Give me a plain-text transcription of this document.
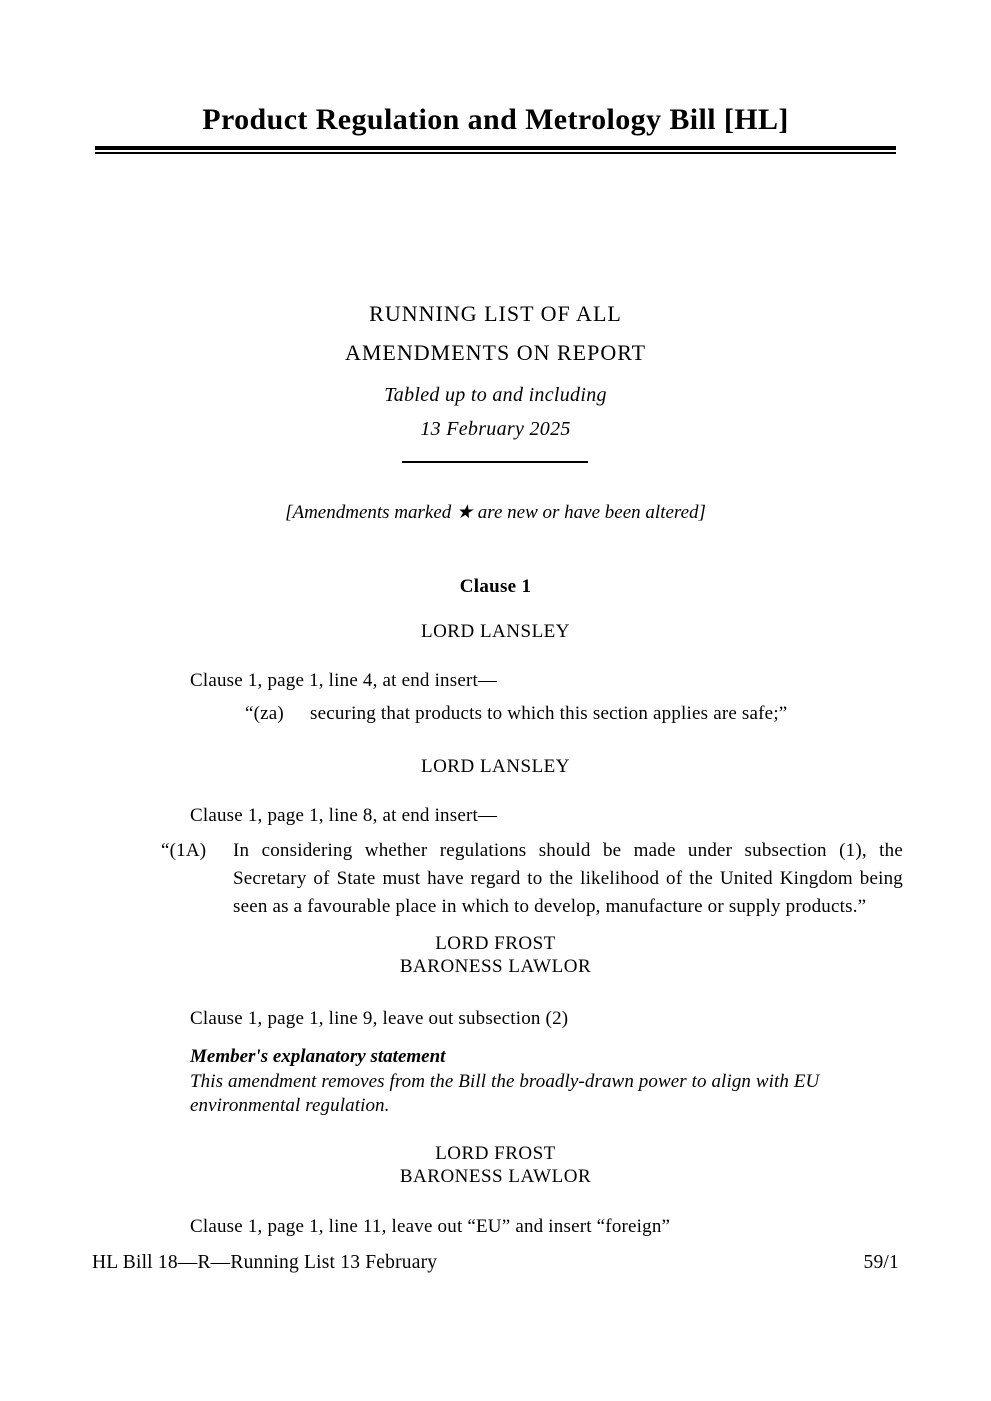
Product Regulation and Metrology Bill [HL]
RUNNING LIST OF ALL
AMENDMENTS ON REPORT
Tabled up to and including
13 February 2025
[Amendments marked ★ are new or have been altered]
Clause 1
LORD LANSLEY
Clause 1, page 1, line 4, at end insert—
“(za)	securing that products to which this section applies are safe;”
LORD LANSLEY
Clause 1, page 1, line 8, at end insert—
“(1A) In considering whether regulations should be made under subsection (1), the Secretary of State must have regard to the likelihood of the United Kingdom being seen as a favourable place in which to develop, manufacture or supply products.”
LORD FROST
BARONESS LAWLOR
Clause 1, page 1, line 9, leave out subsection (2)
Member's explanatory statement
This amendment removes from the Bill the broadly-drawn power to align with EU environmental regulation.
LORD FROST
BARONESS LAWLOR
Clause 1, page 1, line 11, leave out “EU” and insert “foreign”
HL Bill 18—R—Running List 13 February	59/1
